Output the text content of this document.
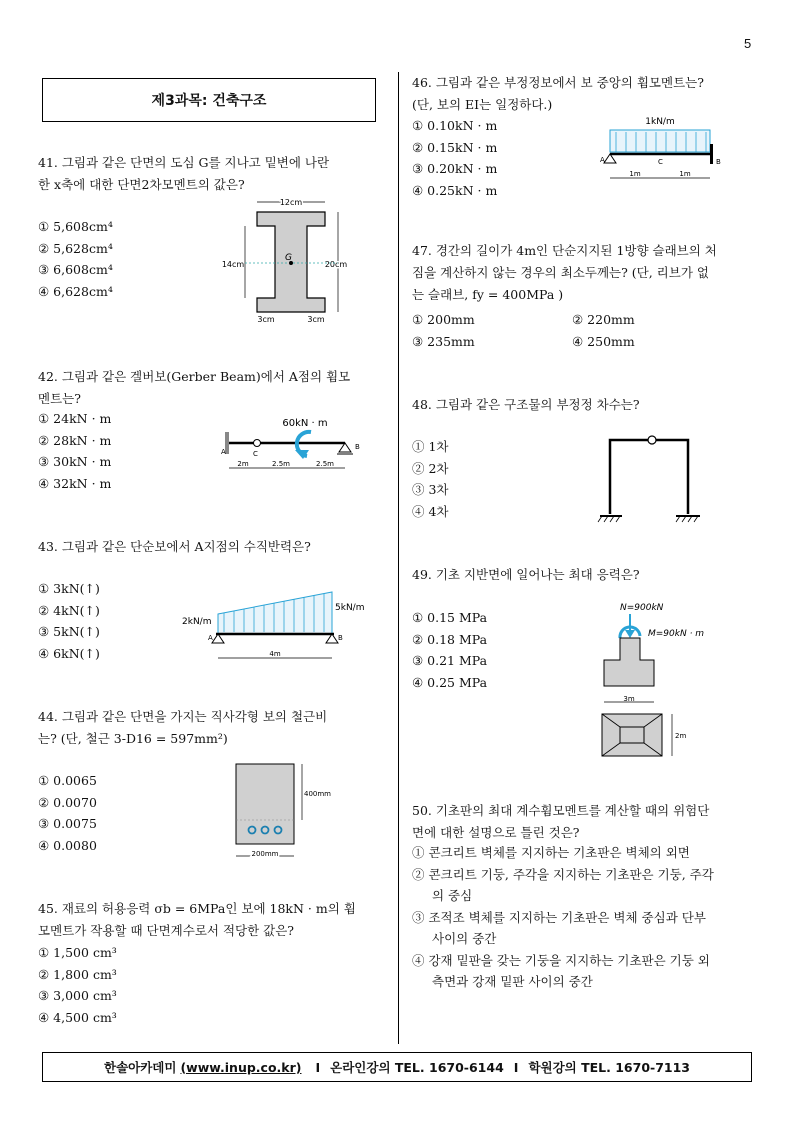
5
제3과목: 건축구조
41. 그림과 같은 단면의 도심 G를 지나고 밑변에 나란
한 x축에 대한 단면2차모멘트의 값은?
① 5,608cm⁴
② 5,628cm⁴
③ 6,608cm⁴
④ 6,628cm⁴
12cm
14cm	20cm
G
3cm	3cm
42. 그림과 같은 겔버보(Gerber Beam)에서 A점의 휨모
멘트는?
① 24kN · m
② 28kN · m
③ 30kN · m
④ 32kN · m
60kN · m
A	C
B
2m	2.5m	2.5m
43. 그림과 같은 단순보에서 A지점의 수직반력은?
① 3kN(↑)
② 4kN(↑)
③ 5kN(↑)
④ 6kN(↑)
2kN/m
5kN/m
A	B
4m
44. 그림과 같은 단면을 가지는 직사각형 보의 철근비
는? (단, 철근 3-D16 = 597mm²)
① 0.0065
② 0.0070
③ 0.0075
④ 0.0080
400mm
200mm
45. 재료의 허용응력 σb = 6MPa인 보에 18kN · m의 휨
모멘트가 작용할 때 단면계수로서 적당한 값은?
① 1,500 cm³
② 1,800 cm³
③ 3,000 cm³
④ 4,500 cm³
46. 그림과 같은 부정정보에서 보 중앙의 휨모멘트는?
(단, 보의 EI는 일정하다.)
① 0.10kN · m
② 0.15kN · m
③ 0.20kN · m
④ 0.25kN · m
1kN/m
A	C	B
1m	1m
47. 경간의 길이가 4m인 단순지지된 1방향 슬래브의 처
짐을 계산하지 않는 경우의 최소두께는? (단, 리브가 없
는 슬래브, fy = 400MPa )
① 200mm	② 220mm
③ 235mm	④ 250mm
48. 그림과 같은 구조물의 부정정 차수는?
① 1차
② 2차
③ 3차
④ 4차
49. 기초 지반면에 일어나는 최대 응력은?
① 0.15 MPa
② 0.18 MPa
③ 0.21 MPa
④ 0.25 MPa
N=900kN
M=90kN · m
3m
2m
50. 기초판의 최대 계수휨모멘트를 계산할 때의 위험단
면에 대한 설명으로 틀린 것은?
① 콘크리트 벽체를 지지하는 기초판은 벽체의 외면
② 콘크리트 기둥, 주각을 지지하는 기초판은 기둥, 주각
의 중심
③ 조적조 벽체를 지지하는 기초판은 벽체 중심과 단부
사이의 중간
④ 강재 밑판을 갖는 기둥을 지지하는 기초판은 기둥 외
측면과 강재 밑판 사이의 중간
한솔아카데미 (www.inup.co.kr) I 온라인강의 TEL. 1670-6144 I 학원강의 TEL. 1670-7113
